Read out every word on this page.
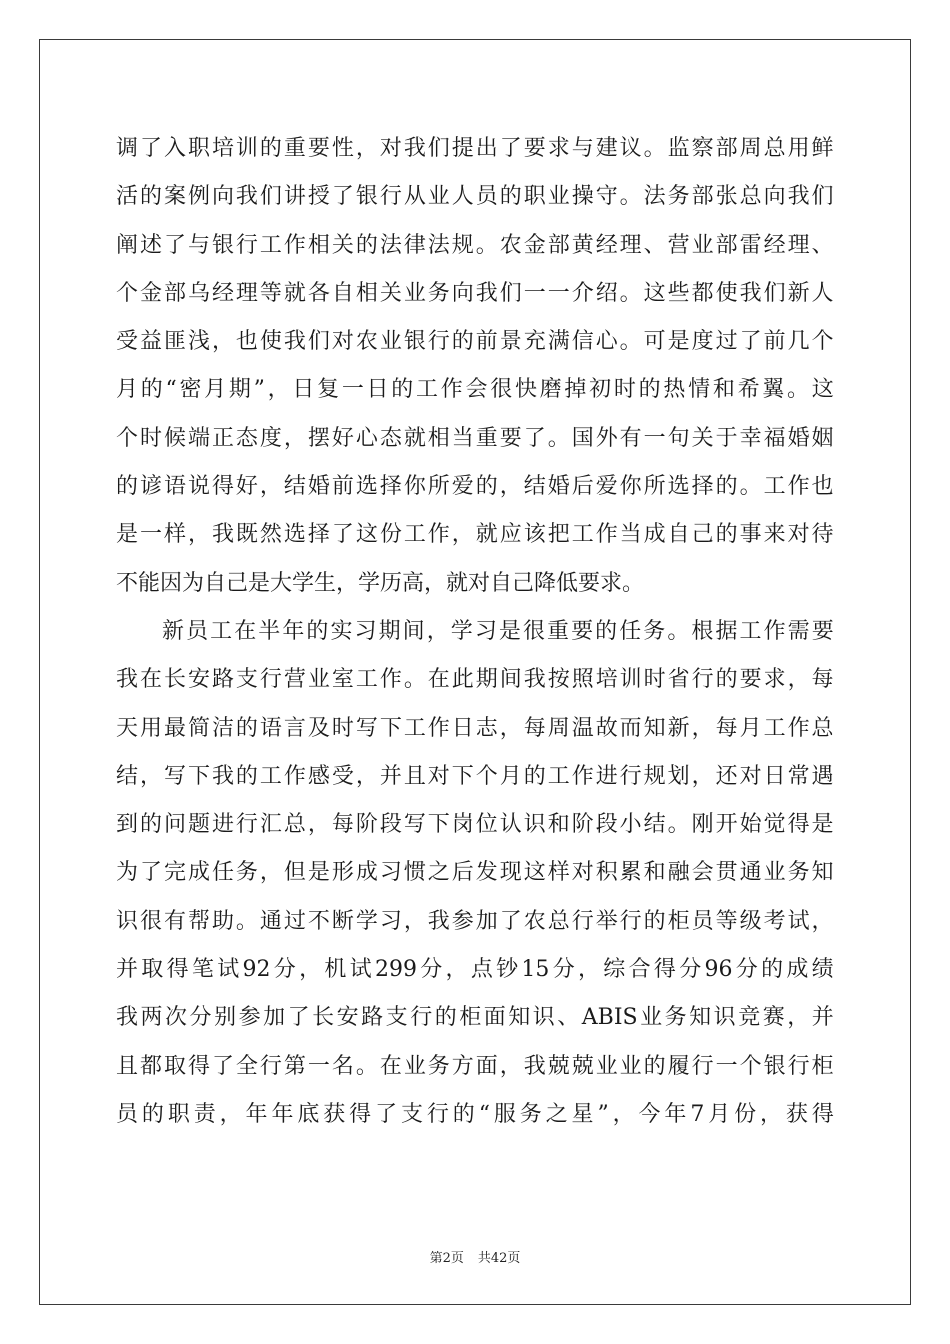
调 了 入 职 培 训 的 重 要 性 ， 对 我 们 提 出 了 要 求 与 建 议 。 监 察 部 周 总 用 鲜
活 的 案 例 向 我 们 讲 授 了 银 行 从 业 人 员 的 职 业 操 守 。 法 务 部 张 总 向 我 们
阐 述 了 与 银 行 工 作 相 关 的 法 律 法 规 。 农 金 部 黄 经 理 、 营 业 部 雷 经 理 、
个 金 部 乌 经 理 等 就 各 自 相 关 业 务 向 我 们 一 一 介 绍 。 这 些 都 使 我 们 新 人
受 益 匪 浅 ， 也 使 我 们 对 农 业 银 行 的 前 景 充 满 信 心 。 可 是 度 过 了 前 几 个
月 的 “ 密 月 期 ” ， 日 复 一 日 的 工 作 会 很 快 磨 掉 初 时 的 热 情 和 希 翼 。 这
个 时 候 端 正 态 度 ， 摆 好 心 态 就 相 当 重 要 了 。 国 外 有 一 句 关 于 幸 福 婚 姻
的 谚 语 说 得 好 ， 结 婚 前 选 择 你 所 爱 的 ， 结 婚 后 爱 你 所 选 择 的 。 工 作 也
是 一 样 ， 我 既 然 选 择 了 这 份 工 作 ， 就 应 该 把 工 作 当 成 自 己 的 事 来 对 待
不能因为自己是大学生，学历高，就对自己降低要求。
新 员 工 在 半 年 的 实 习 期 间 ， 学 习 是 很 重 要 的 任 务 。 根 据 工 作 需 要
我 在 长 安 路 支 行 营 业 室 工 作 。 在 此 期 间 我 按 照 培 训 时 省 行 的 要 求 ， 每
天 用 最 简 洁 的 语 言 及 时 写 下 工 作 日 志 ， 每 周 温 故 而 知 新 ， 每 月 工 作 总
结 ， 写 下 我 的 工 作 感 受 ， 并 且 对 下 个 月 的 工 作 进 行 规 划 ， 还 对 日 常 遇
到 的 问 题 进 行 汇 总 ， 每 阶 段 写 下 岗 位 认 识 和 阶 段 小 结 。 刚 开 始 觉 得 是
为 了 完 成 任 务 ， 但 是 形 成 习 惯 之 后 发 现 这 样 对 积 累 和 融 会 贯 通 业 务 知
识 很 有 帮 助 。 通 过 不 断 学 习 ， 我 参 加 了 农 总 行 举 行 的 柜 员 等 级 考 试 ，
并 取 得 笔 试 92 分 ， 机 试 299 分 ， 点 钞 15 分 ， 综 合 得 分 96 分 的 成 绩
我 两 次 分 别 参 加 了 长 安 路 支 行 的 柜 面 知 识 、 ABIS 业 务 知 识 竞 赛 ， 并
且 都 取 得 了 全 行 第 一 名 。 在 业 务 方 面 ， 我 兢 兢 业 业 的 履 行 一 个 银 行 柜
员 的 职 责 ， 年 年 底 获 得 了 支 行 的 “ 服 务 之 星 ” ， 今 年 7 月 份 ， 获 得
第2页 共42页
